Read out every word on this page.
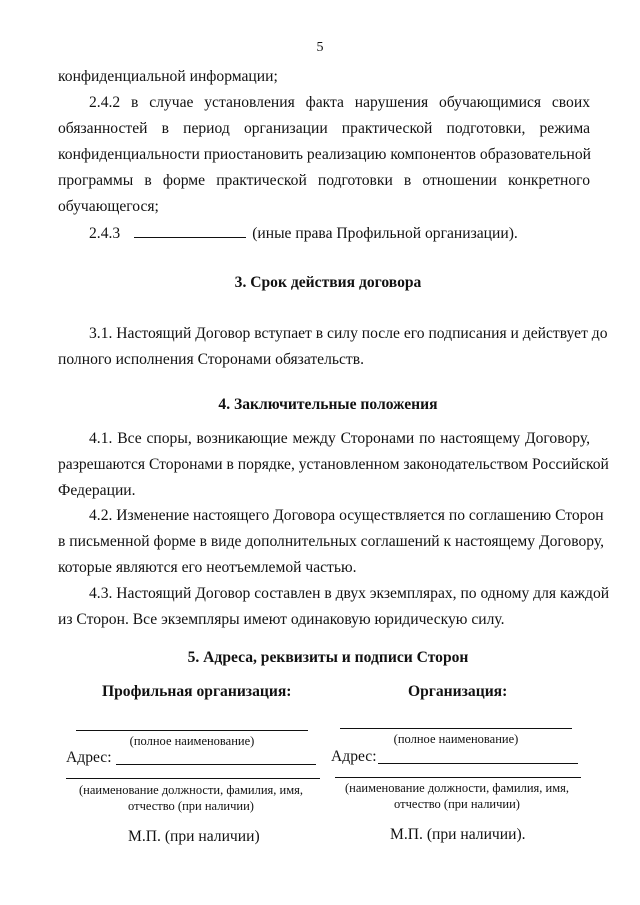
5
конфиденциальной информации;
2.4.2 в случае установления факта нарушения обучающимися своих
обязанностей в период организации практической подготовки, режима
конфиденциальности приостановить реализацию компонентов образовательной
программы в форме практической подготовки в отношении конкретного
обучающегося;
2.4.3	(иные права Профильной организации).
3. Срок действия договора
3.1. Настоящий Договор вступает в силу после его подписания и действует до
полного исполнения Сторонами обязательств.
4. Заключительные положения
4.1. Все споры, возникающие между Сторонами по настоящему Договору,
разрешаются Сторонами в порядке, установленном законодательством Российской
Федерации.
4.2. Изменение настоящего Договора осуществляется по соглашению Сторон
в письменной форме в виде дополнительных соглашений к настоящему Договору,
которые являются его неотъемлемой частью.
4.3. Настоящий Договор составлен в двух экземплярах, по одному для каждой
из Сторон. Все экземпляры имеют одинаковую юридическую силу.
5. Адреса, реквизиты и подписи Сторон
Профильная организация:
(полное наименование)
Адрес:
(наименование должности, фамилия, имя,
отчество (при наличии)
М.П. (при наличии)
Организация:
(полное наименование)
Адрес:
(наименование должности, фамилия, имя,
отчество (при наличии)
М.П. (при наличии).
